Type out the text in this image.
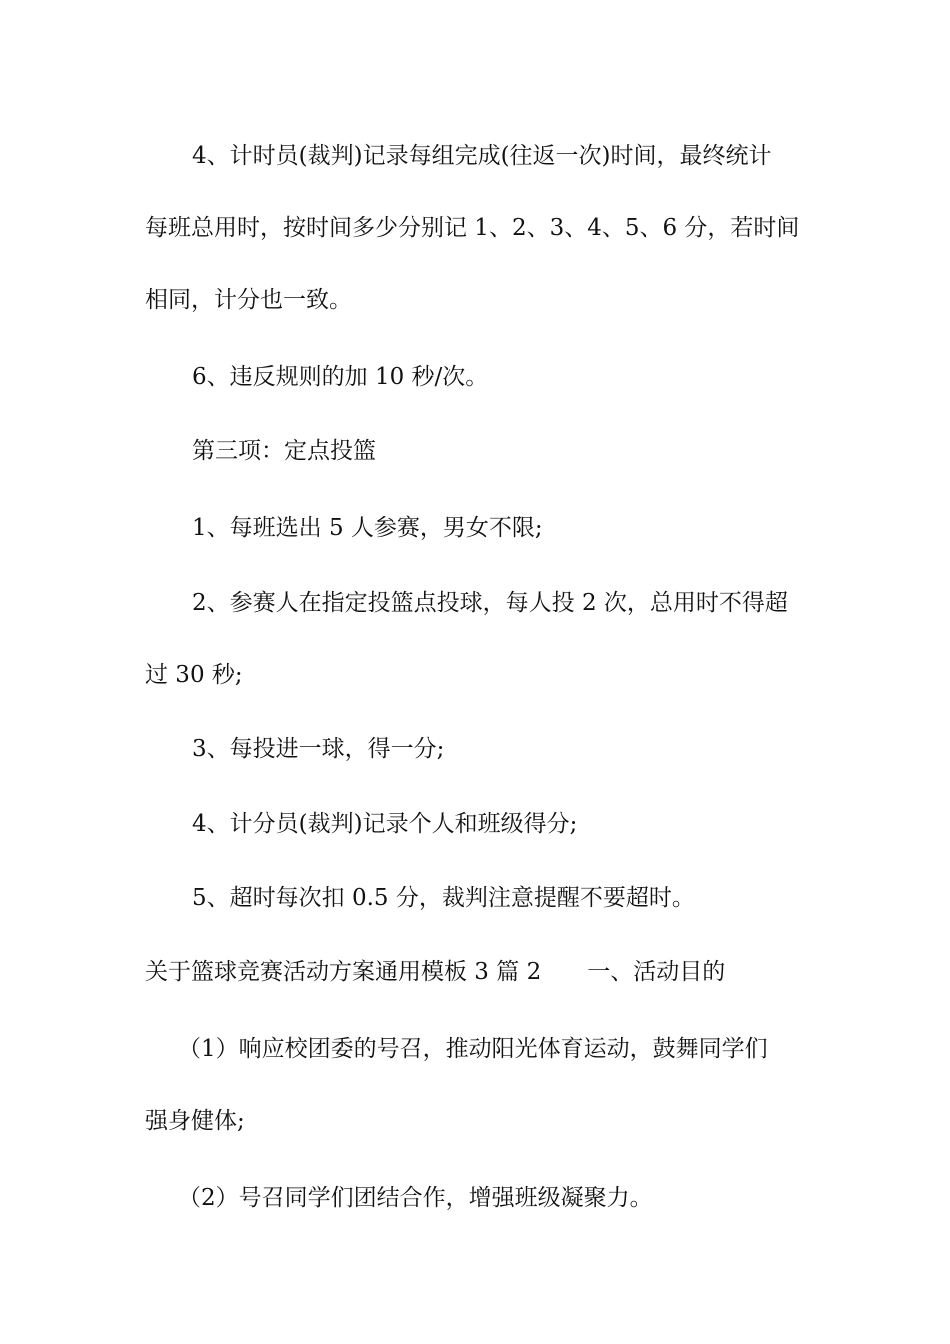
4、计时员(裁判)记录每组完成(往返一次)时间，最终统计

每班总用时，按时间多少分别记 1、2、3、4、5、6 分，若时间

相同，计分也一致。

6、违反规则的加 10 秒/次。

第三项：定点投篮

1、每班选出 5 人参赛，男女不限;

2、参赛人在指定投篮点投球，每人投 2 次，总用时不得超

过 30 秒;

3、每投进一球，得一分;

4、计分员(裁判)记录个人和班级得分;

5、超时每次扣 0.5 分，裁判注意提醒不要超时。

关于篮球竞赛活动方案通用模板 3 篇 2　　一、活动目的

（1）响应校团委的号召，推动阳光体育运动，鼓舞同学们

强身健体;

（2）号召同学们团结合作，增强班级凝聚力。
